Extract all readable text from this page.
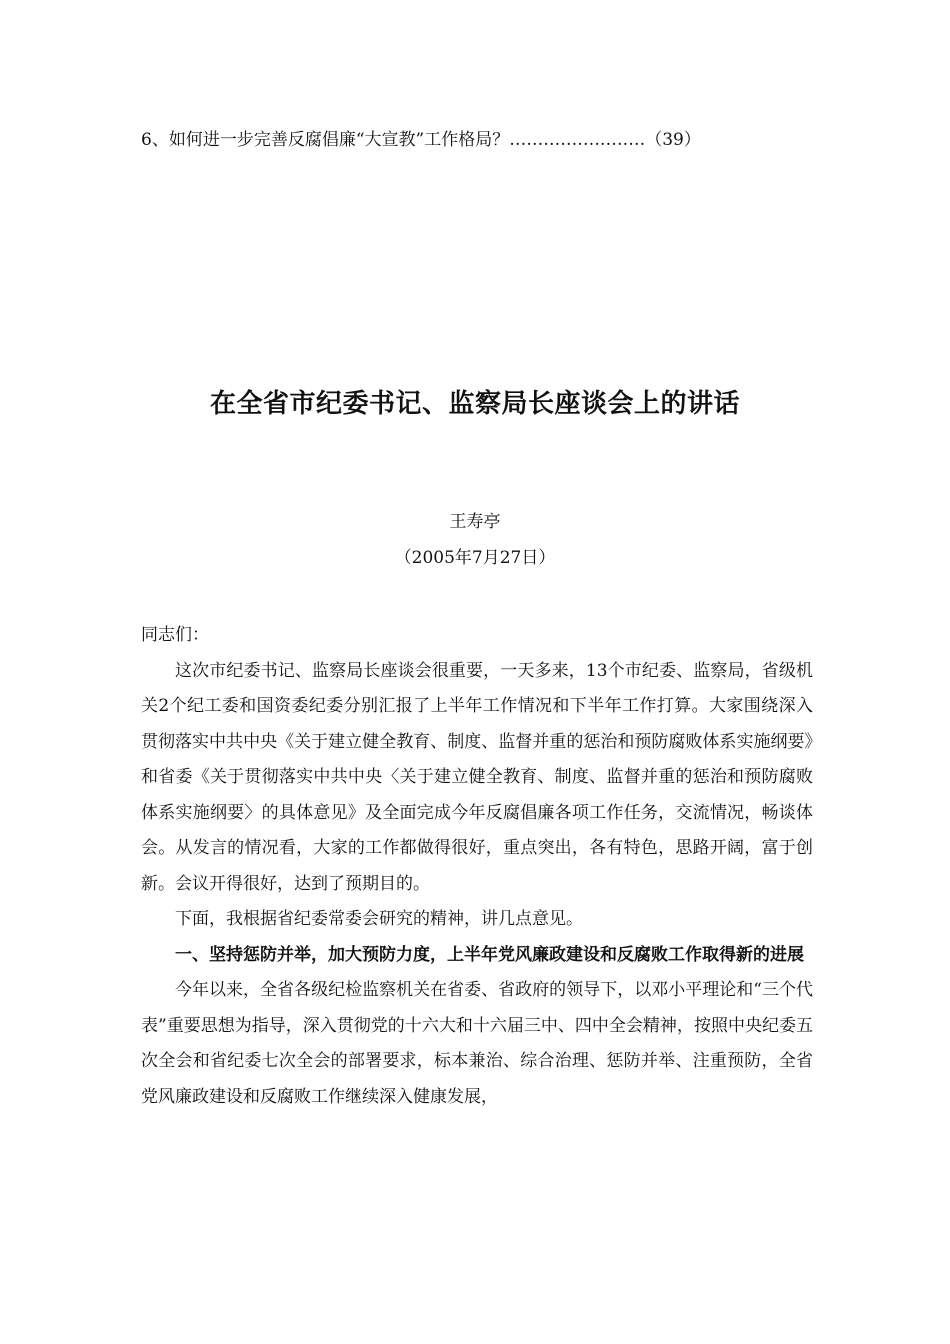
6、如何进一步完善反腐倡廉“大宣教”工作格局？……………………（39）
在全省市纪委书记、监察局长座谈会上的讲话
王寿亭
（2005年7月27日）

同志们：

这次市纪委书记、监察局长座谈会很重要，一天多来，13个市纪委、监察局，省级机关2个纪工委和国资委纪委分别汇报了上半年工作情况和下半年工作打算。大家围绕深入贯彻落实中共中央《关于建立健全教育、制度、监督并重的惩治和预防腐败体系实施纲要》和省委《关于贯彻落实中共中央〈关于建立健全教育、制度、监督并重的惩治和预防腐败体系实施纲要〉的具体意见》及全面完成今年反腐倡廉各项工作任务，交流情况，畅谈体会。从发言的情况看，大家的工作都做得很好，重点突出，各有特色，思路开阔，富于创新。会议开得很好，达到了预期目的。

下面，我根据省纪委常委会研究的精神，讲几点意见。

一、坚持惩防并举，加大预防力度，上半年党风廉政建设和反腐败工作取得新的进展

今年以来，全省各级纪检监察机关在省委、省政府的领导下，以邓小平理论和“三个代表”重要思想为指导，深入贯彻党的十六大和十六届三中、四中全会精神，按照中央纪委五次全会和省纪委七次全会的部署要求，标本兼治、综合治理、惩防并举、注重预防，全省党风廉政建设和反腐败工作继续深入健康发展，
